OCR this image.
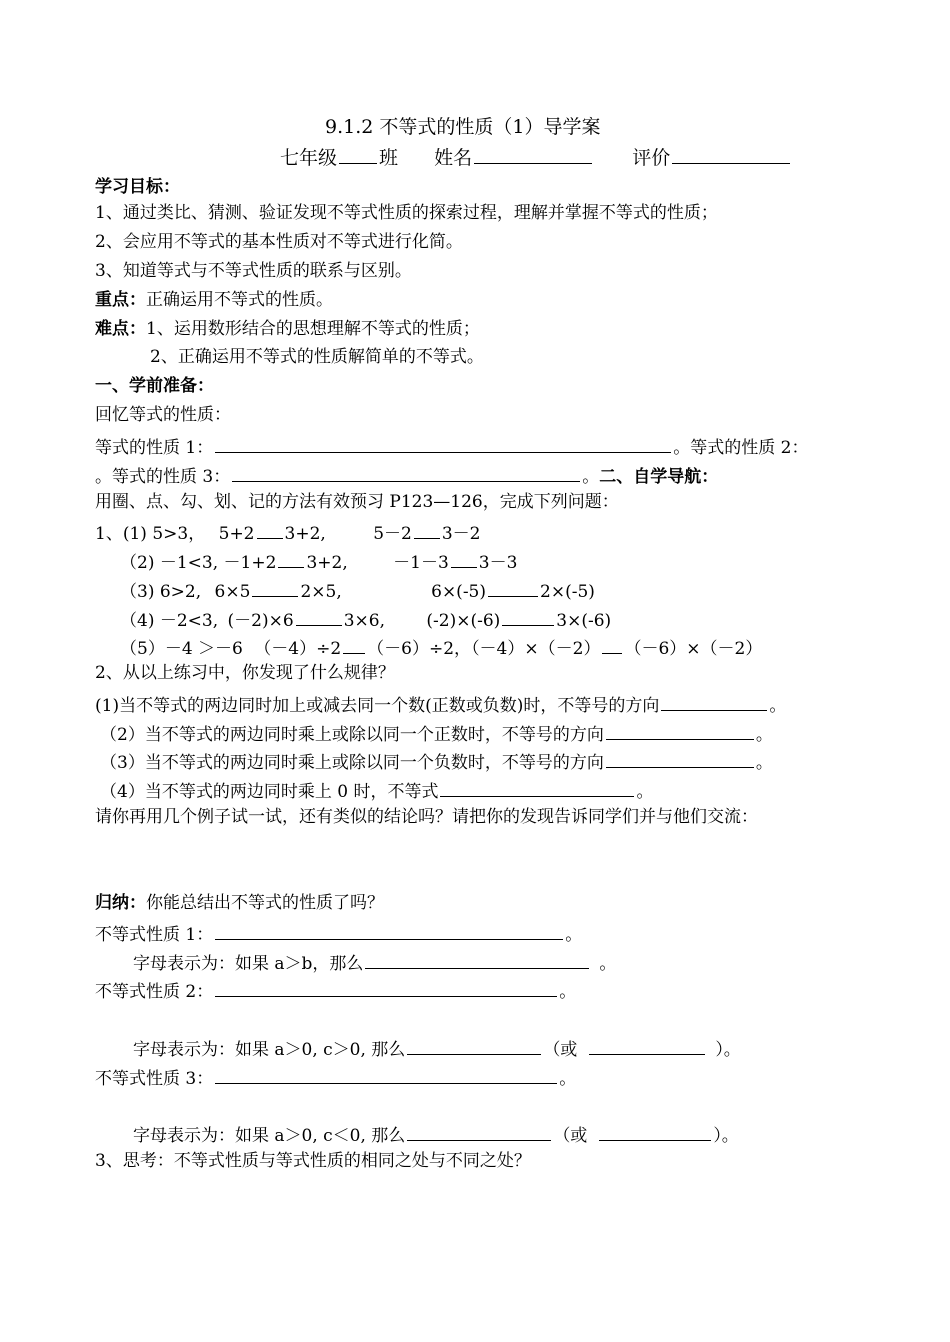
9.1.2 不等式的性质（1）导学案
七年级 班 姓名	评价
学习目标：
1、通过类比、猜测、验证发现不等式性质的探索过程，理解并掌握不等式的性质；
2、会应用不等式的基本性质对不等式进行化简。
3、知道等式与不等式性质的联系与区别。
重点：正确运用不等式的性质。
难点：1、运用数形结合的思想理解不等式的性质；
2、正确运用不等式的性质解简单的不等式。
一、学前准备：
回忆等式的性质：
等式的性质 1：	。等式的性质 2：
。等式的性质 3：	。二、自学导航：
用圈、点、勾、划、记的方法有效预习 P123—126，完成下列问题：
1、(1) 5>3， 5+2 3+2,	5－2 3－2
（2) －1<3, －1+2 3+2,	－1－3 3－3
（3) 6>2, 6×5	2×5,	6×(-5)	2×(-5)
（4) －2<3, (－2)×6	3×6, (-2)×(-6)	3×(-6)
（5）－4 ＞－6 （－4）÷2 （－6）÷2，（－4）×（－2） （－6）×（－2）
2、从以上练习中，你发现了什么规律？
(1)当不等式的两边同时加上或减去同一个数(正数或负数)时，不等号的方向	。
（2）当不等式的两边同时乘上或除以同一个正数时，不等号的方向	。
（3）当不等式的两边同时乘上或除以同一个负数时，不等号的方向	。
（4）当不等式的两边同时乘上 0 时，不等式	。
请你再用几个例子试一试，还有类似的结论吗？请把你的发现告诉同学们并与他们交流：
归纳：你能总结出不等式的性质了吗？
不等式性质 1：	。
字母表示为：如果 a＞b，那么	。
不等式性质 2：	。
字母表示为：如果 a＞0, c＞0, 那么	（或	）。
不等式性质 3：	。
字母表示为：如果 a＞0, c＜0, 那么	（或	）。
3、思考：不等式性质与等式性质的相同之处与不同之处？
